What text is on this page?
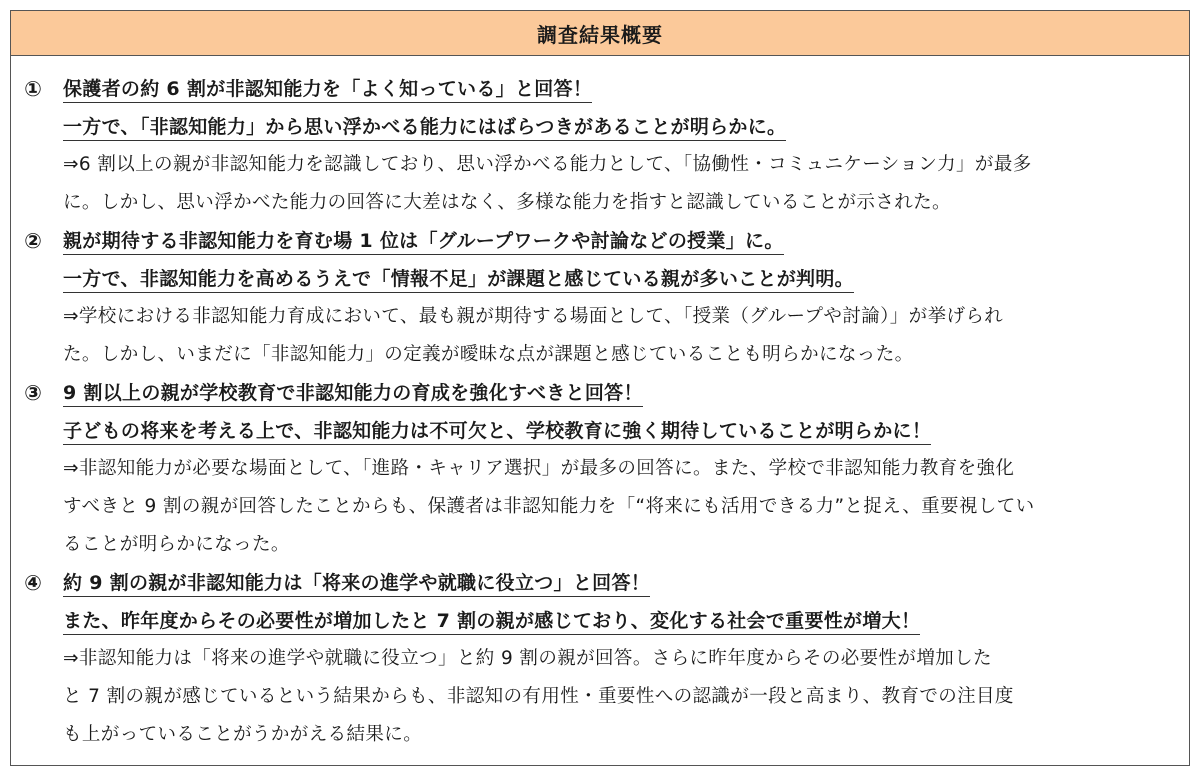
調査結果概要
① 保護者の約 6 割が非認知能力を「よく知っている」と回答！
一方で、「非認知能力」から思い浮かべる能力にはばらつきがあることが明らかに。
⇒6 割以上の親が非認知能力を認識しており、思い浮かべる能力として、「協働性・コミュニケーション力」が最多
に。しかし、思い浮かべた能力の回答に大差はなく、多様な能力を指すと認識していることが示された。
② 親が期待する非認知能力を育む場 1 位は「グループワークや討論などの授業」に。
一方で、非認知能力を高めるうえで「情報不足」が課題と感じている親が多いことが判明。
⇒学校における非認知能力育成において、最も親が期待する場面として、「授業（グループや討論）」が挙げられ
た。しかし、いまだに「非認知能力」の定義が曖昧な点が課題と感じていることも明らかになった。
③ 9 割以上の親が学校教育で非認知能力の育成を強化すべきと回答！
子どもの将来を考える上で、非認知能力は不可欠と、学校教育に強く期待していることが明らかに！
⇒非認知能力が必要な場面として、「進路・キャリア選択」が最多の回答に。また、学校で非認知能力教育を強化
すべきと 9 割の親が回答したことからも、保護者は非認知能力を「“将来にも活用できる力”と捉え、重要視してい
ることが明らかになった。
④ 約 9 割の親が非認知能力は「将来の進学や就職に役立つ」と回答！
また、昨年度からその必要性が増加したと 7 割の親が感じており、変化する社会で重要性が増大！
⇒非認知能力は「将来の進学や就職に役立つ」と約 9 割の親が回答。さらに昨年度からその必要性が増加した
と 7 割の親が感じているという結果からも、非認知の有用性・重要性への認識が一段と高まり、教育での注目度
も上がっていることがうかがえる結果に。
